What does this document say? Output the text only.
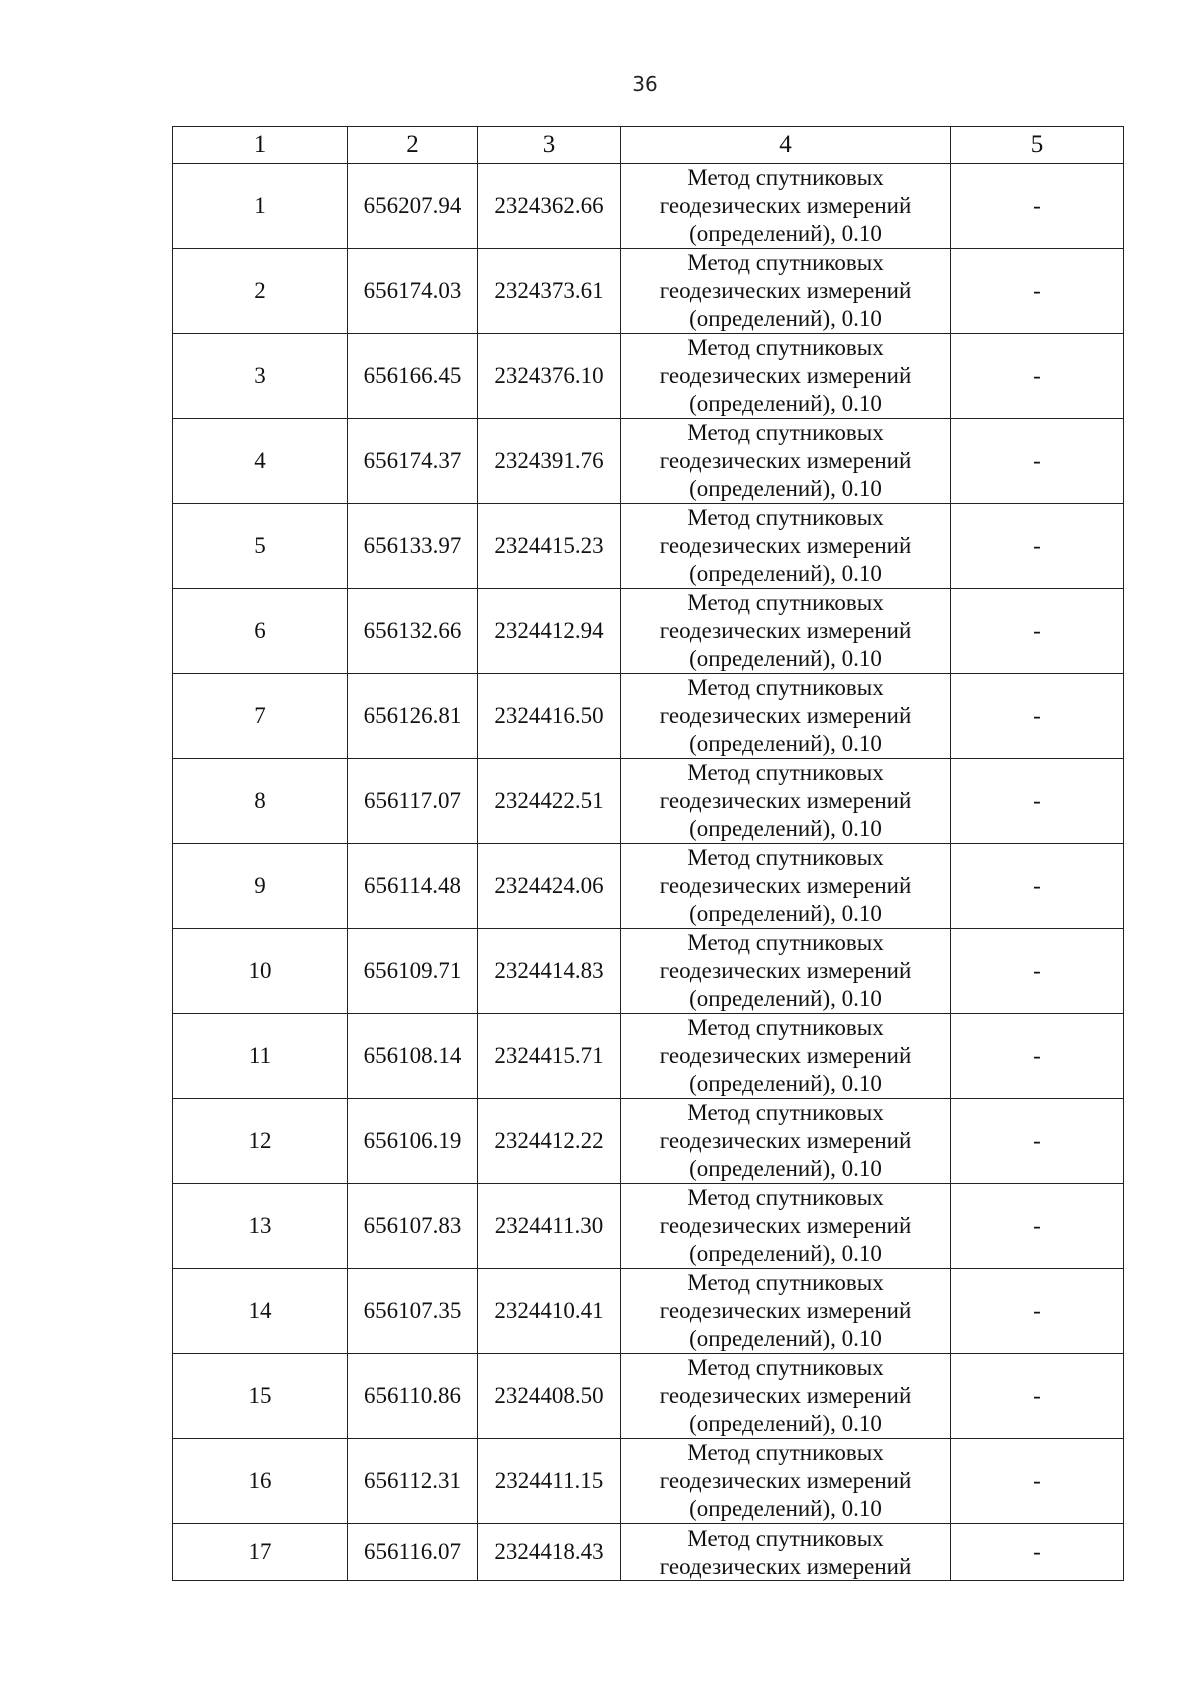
36
1	2	3	4	5
1	656207.94	2324362.66	Метод спутниковых
геодезических измерений
(определений), 0.10	-
2	656174.03	2324373.61	Метод спутниковых
геодезических измерений
(определений), 0.10	-
3	656166.45	2324376.10	Метод спутниковых
геодезических измерений
(определений), 0.10	-
4	656174.37	2324391.76	Метод спутниковых
геодезических измерений
(определений), 0.10	-
5	656133.97	2324415.23	Метод спутниковых
геодезических измерений
(определений), 0.10	-
6	656132.66	2324412.94	Метод спутниковых
геодезических измерений
(определений), 0.10	-
7	656126.81	2324416.50	Метод спутниковых
геодезических измерений
(определений), 0.10	-
8	656117.07	2324422.51	Метод спутниковых
геодезических измерений
(определений), 0.10	-
9	656114.48	2324424.06	Метод спутниковых
геодезических измерений
(определений), 0.10	-
10	656109.71	2324414.83	Метод спутниковых
геодезических измерений
(определений), 0.10	-
11	656108.14	2324415.71	Метод спутниковых
геодезических измерений
(определений), 0.10	-
12	656106.19	2324412.22	Метод спутниковых
геодезических измерений
(определений), 0.10	-
13	656107.83	2324411.30	Метод спутниковых
геодезических измерений
(определений), 0.10	-
14	656107.35	2324410.41	Метод спутниковых
геодезических измерений
(определений), 0.10	-
15	656110.86	2324408.50	Метод спутниковых
геодезических измерений
(определений), 0.10	-
16	656112.31	2324411.15	Метод спутниковых
геодезических измерений
(определений), 0.10	-
17	656116.07	2324418.43	Метод спутниковых
геодезических измерений	-
